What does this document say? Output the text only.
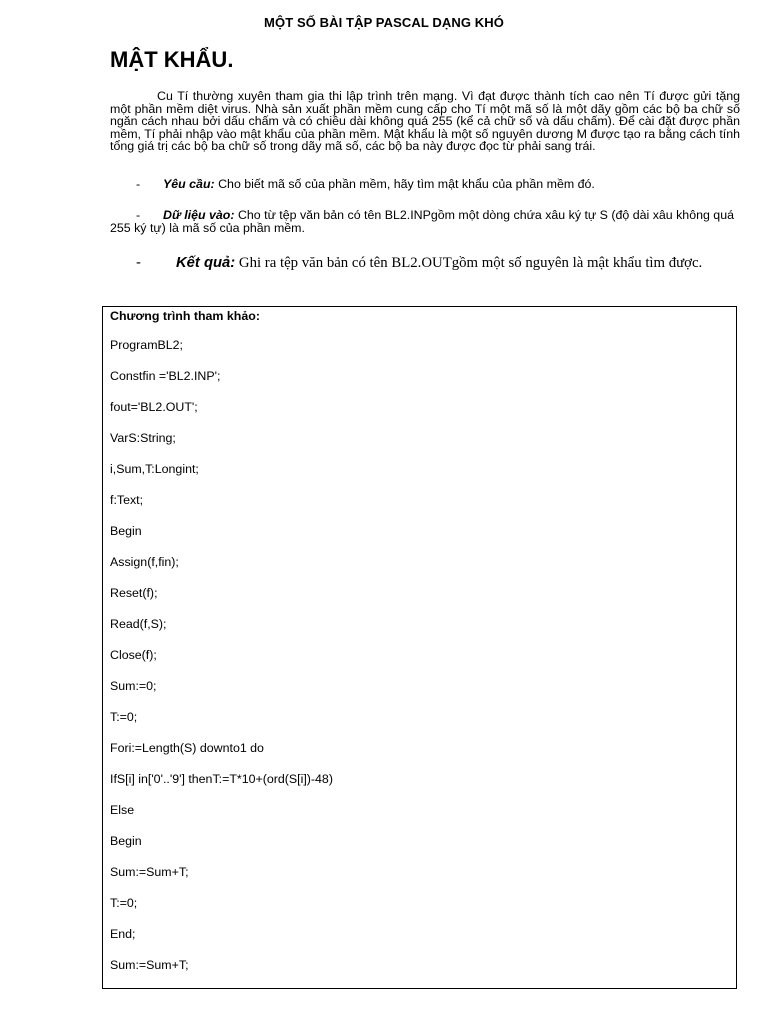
MỘT SỐ BÀI TẬP PASCAL DẠNG KHÓ
MẬT KHẨU.

Cu Tí thường xuyên tham gia thi lập trình trên mạng. Vì đạt được thành tích cao nên Tí được gửi tặng một phần mềm diệt virus. Nhà sản xuất phần mềm cung cấp cho Tí một mã số là một dãy gồm các bộ ba chữ số ngăn cách nhau bởi dấu chấm và có chiều dài không quá 255 (kể cả chữ số và dấu chấm). Để cài đặt được phần mềm, Tí phải nhập vào mật khẩu của phần mềm. Mật khẩu là một số nguyên dương M được tạo ra bằng cách tính tổng giá trị các bộ ba chữ số trong dãy mã số, các bộ ba này được đọc từ phải sang trái.

- Yêu cầu: Cho biết mã số của phần mềm, hãy tìm mật khẩu của phần mềm đó.

- Dữ liệu vào: Cho từ tệp văn bản có tên BL2.INPgồm một dòng chứa xâu ký tự S (độ dài xâu không quá 255 ký tự) là mã số của phần mềm.

- Kết quả: Ghi ra tệp văn bản có tên BL2.OUTgồm một số nguyên là mật khẩu tìm được.

Chương trình tham khảo:

ProgramBL2;
Constfin ='BL2.INP';
fout='BL2.OUT';
VarS:String;
i,Sum,T:Longint;
f:Text;
Begin
Assign(f,fin);
Reset(f);
Read(f,S);
Close(f);
Sum:=0;
T:=0;
Fori:=Length(S) downto1 do
IfS[i] in['0'..'9'] thenT:=T*10+(ord(S[i])-48)
Else
Begin
Sum:=Sum+T;
T:=0;
End;
Sum:=Sum+T;
